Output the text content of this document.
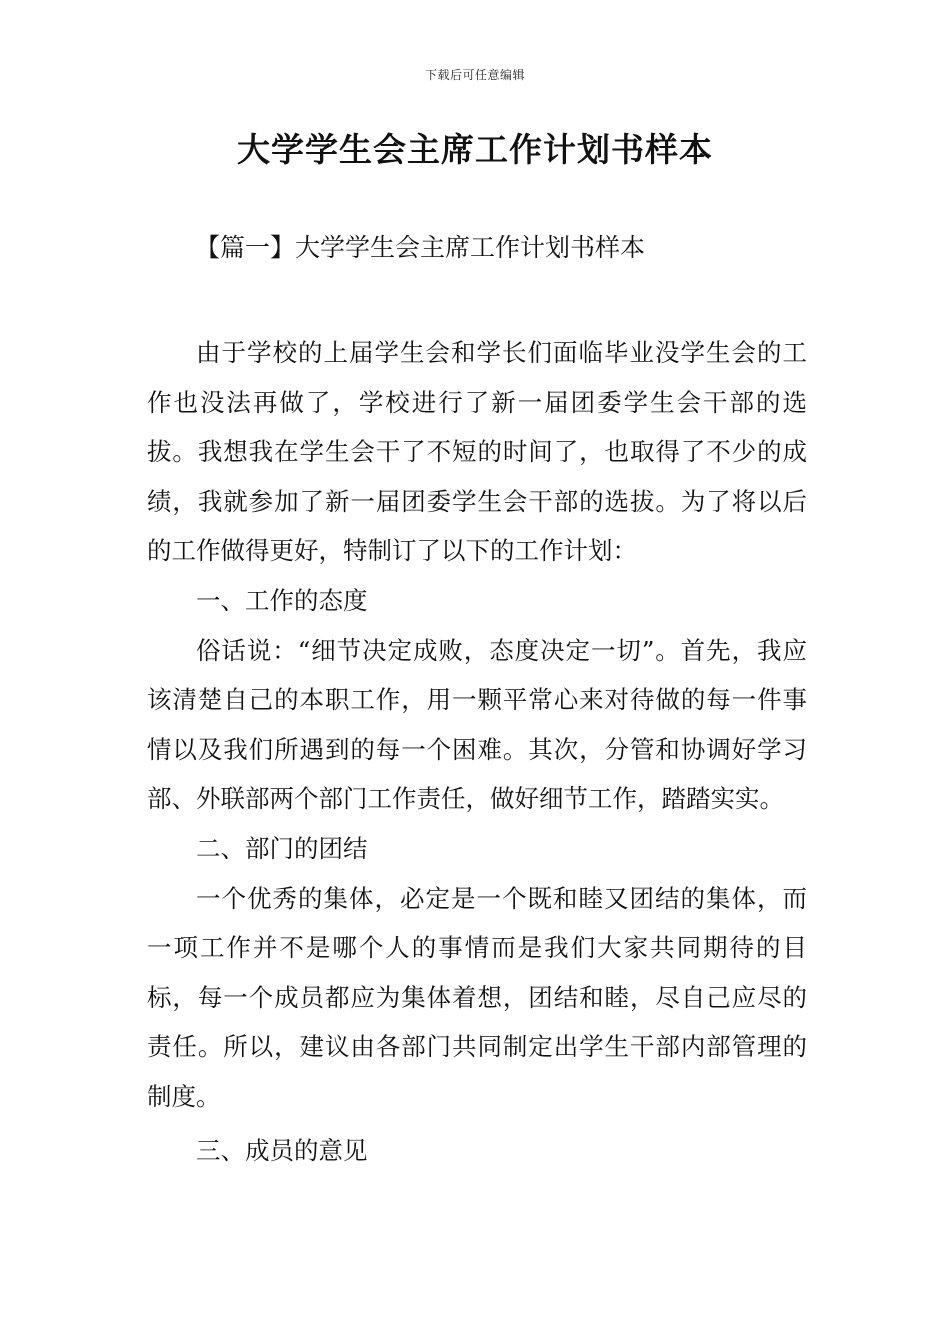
下载后可任意编辑
大学学生会主席工作计划书样本

【篇一】大学学生会主席工作计划书样本

由于学校的上届学生会和学长们面临毕业没学生会的工作也没法再做了，学校进行了新一届团委学生会干部的选拔。我想我在学生会干了不短的时间了，也取得了不少的成绩，我就参加了新一届团委学生会干部的选拔。为了将以后的工作做得更好，特制订了以下的工作计划：

一、工作的态度

俗话说：“细节决定成败，态度决定一切”。首先，我应该清楚自己的本职工作，用一颗平常心来对待做的每一件事情以及我们所遇到的每一个困难。其次，分管和协调好学习部、外联部两个部门工作责任，做好细节工作，踏踏实实。

二、部门的团结

一个优秀的集体，必定是一个既和睦又团结的集体，而一项工作并不是哪个人的事情而是我们大家共同期待的目标，每一个成员都应为集体着想，团结和睦，尽自己应尽的责任。所以，建议由各部门共同制定出学生干部内部管理的制度。

三、成员的意见
